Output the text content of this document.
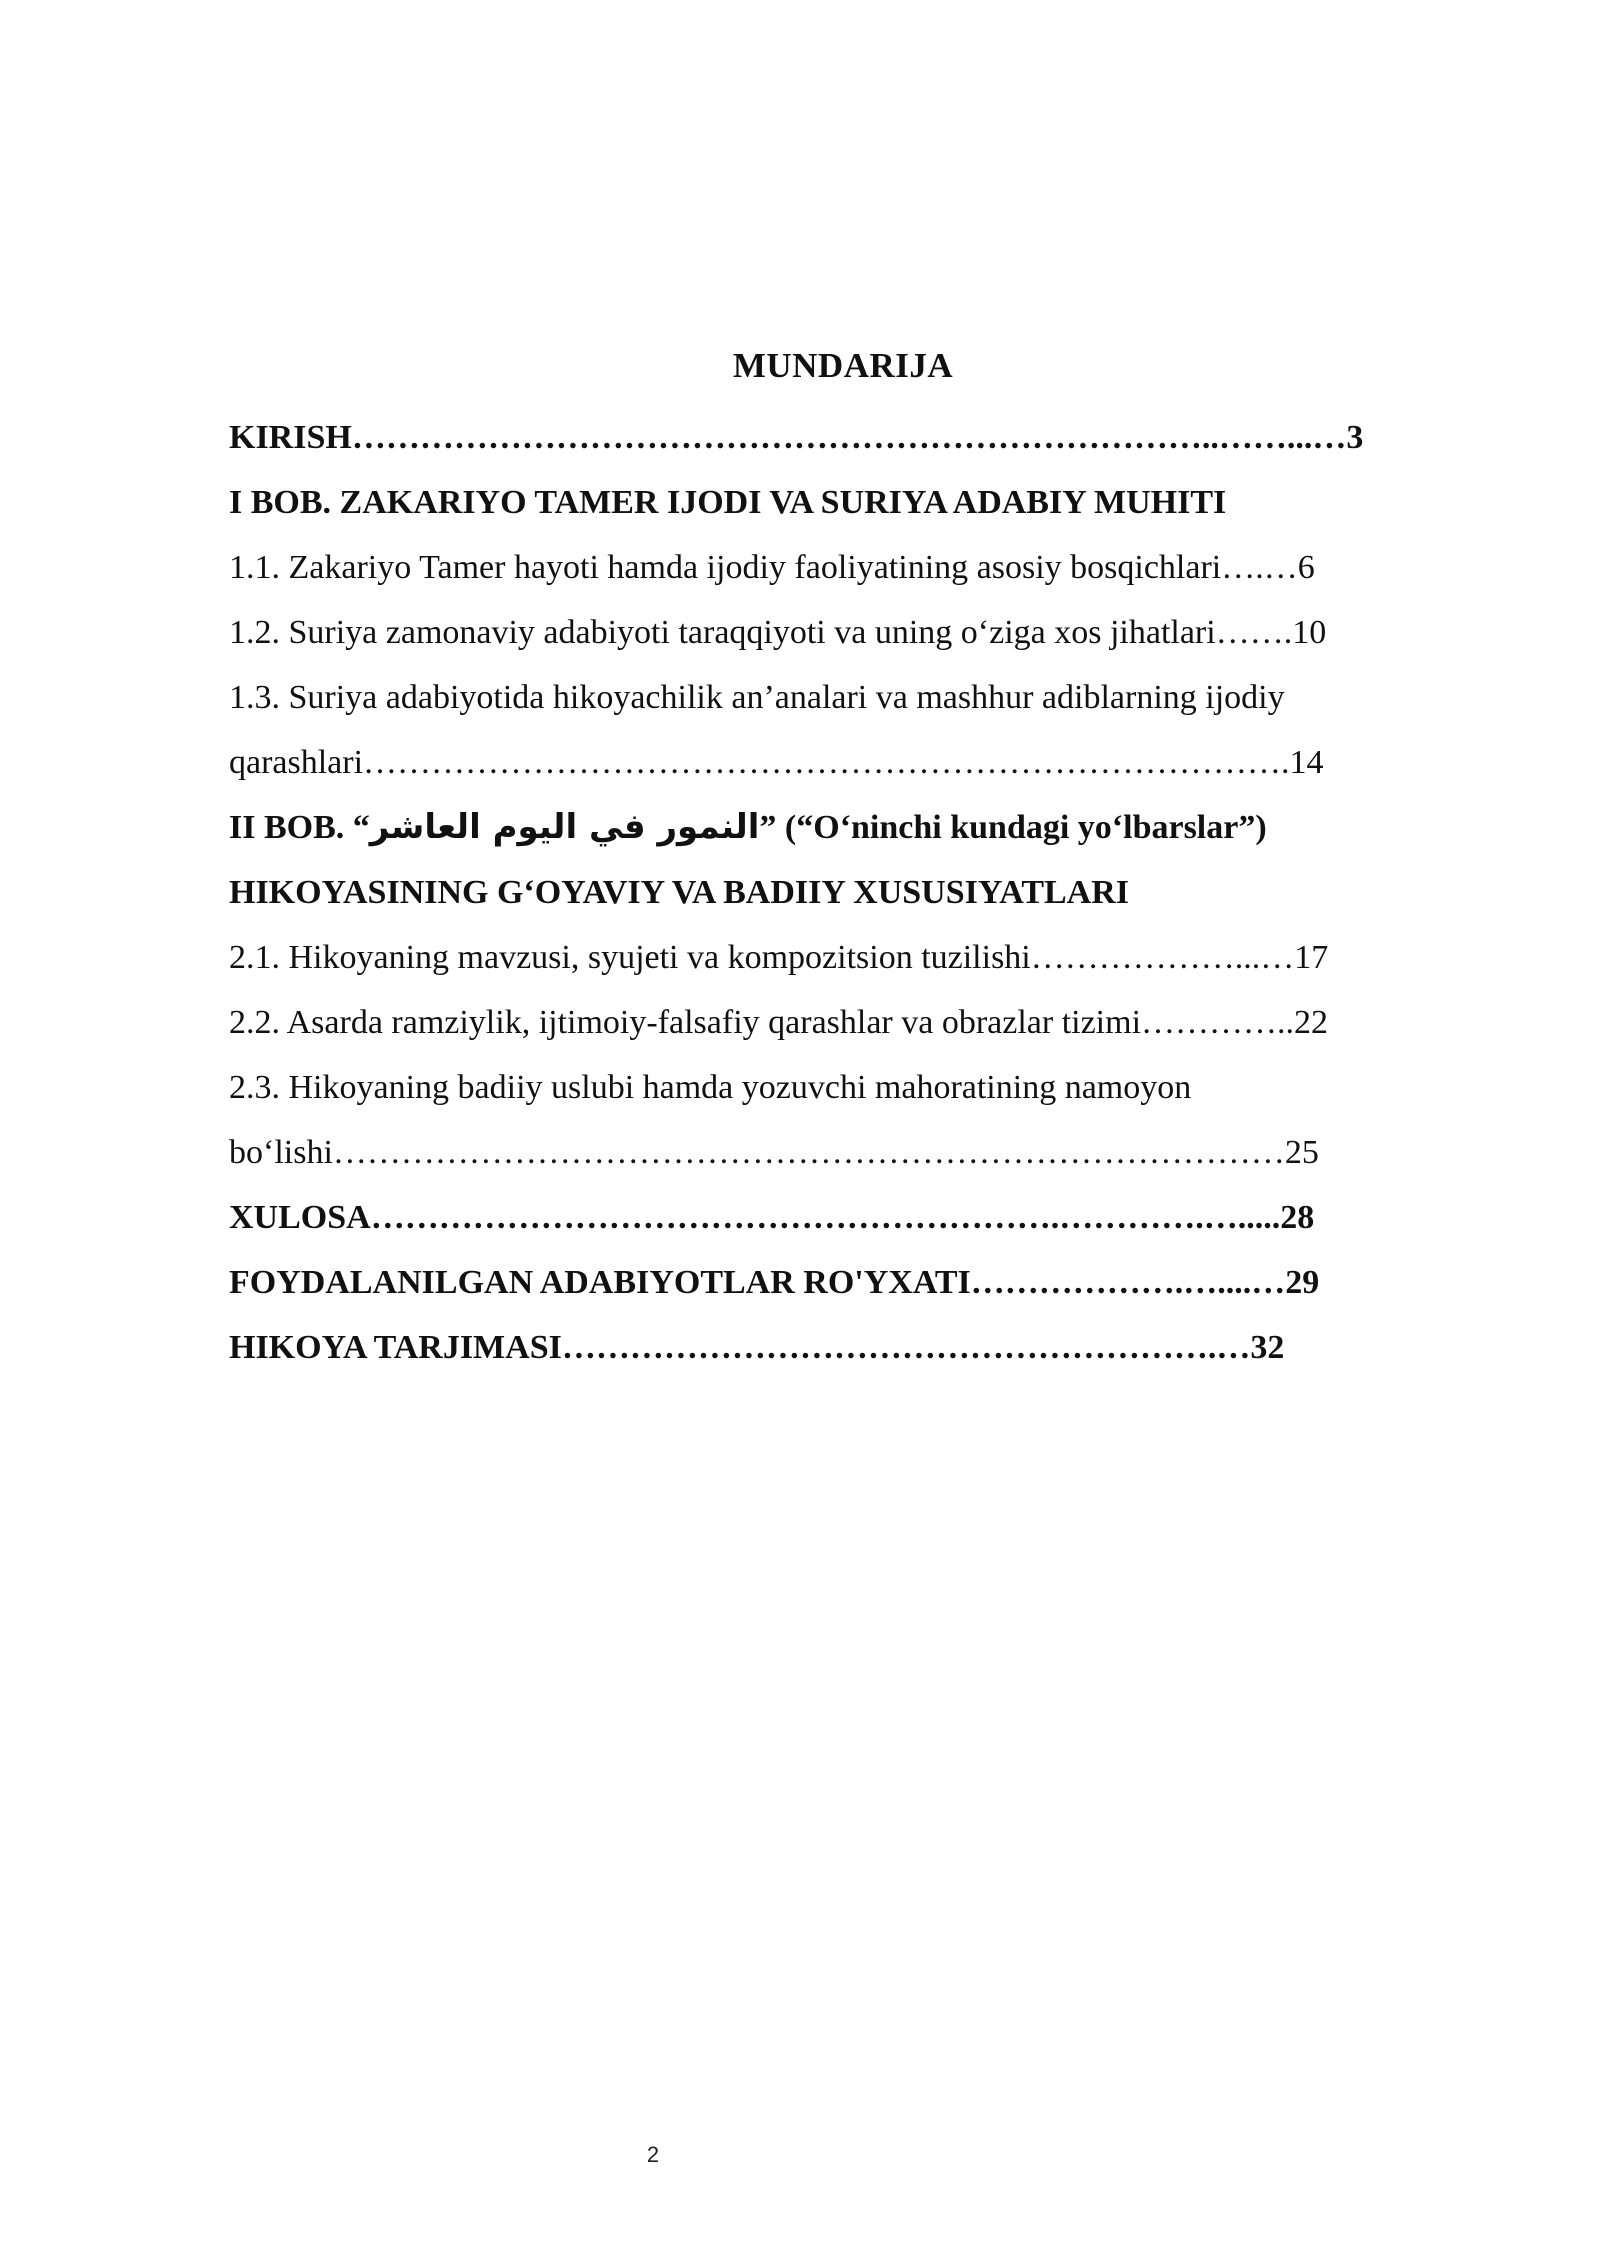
MUNDARIJA
KIRISH…………………………………………………………………..……...…3
I BOB. ZAKARIYO TAMER IJODI VA SURIYA ADABIY MUHITI
1.1. Zakariyo Tamer hayoti hamda ijodiy faoliyatining asosiy bosqichlari….…6
1.2. Suriya zamonaviy adabiyoti taraqqiyoti va uning oʻziga xos jihatlari…….10
1.3. Suriya adabiyotida hikoyachilik an’analari va mashhur adiblarning ijodiy
qarashlari……………………………………………………………………….14
II BOB. “النمور في اليوم العاشر” (“Oʻninchi kundagi yoʻlbarslar”)
HIKOYASINING GʻOYAVIY VA BADIIY XUSUSIYATLARI
2.1. Hikoyaning mavzusi, syujeti va kompozitsion tuzilishi………………...…17
2.2. Asarda ramziylik, ijtimoiy-falsafiy qarashlar va obrazlar tizimi…………..22
2.3. Hikoyaning badiiy uslubi hamda yozuvchi mahoratining namoyon
boʻlishi…………………………………………………………………………25
XULOSA…………………………………………………….………….….....28
FOYDALANILGAN ADABIYOTLAR RO'YXATI……………….…....…29
HIKOYA TARJIMASI………………………………………………….…32
2
